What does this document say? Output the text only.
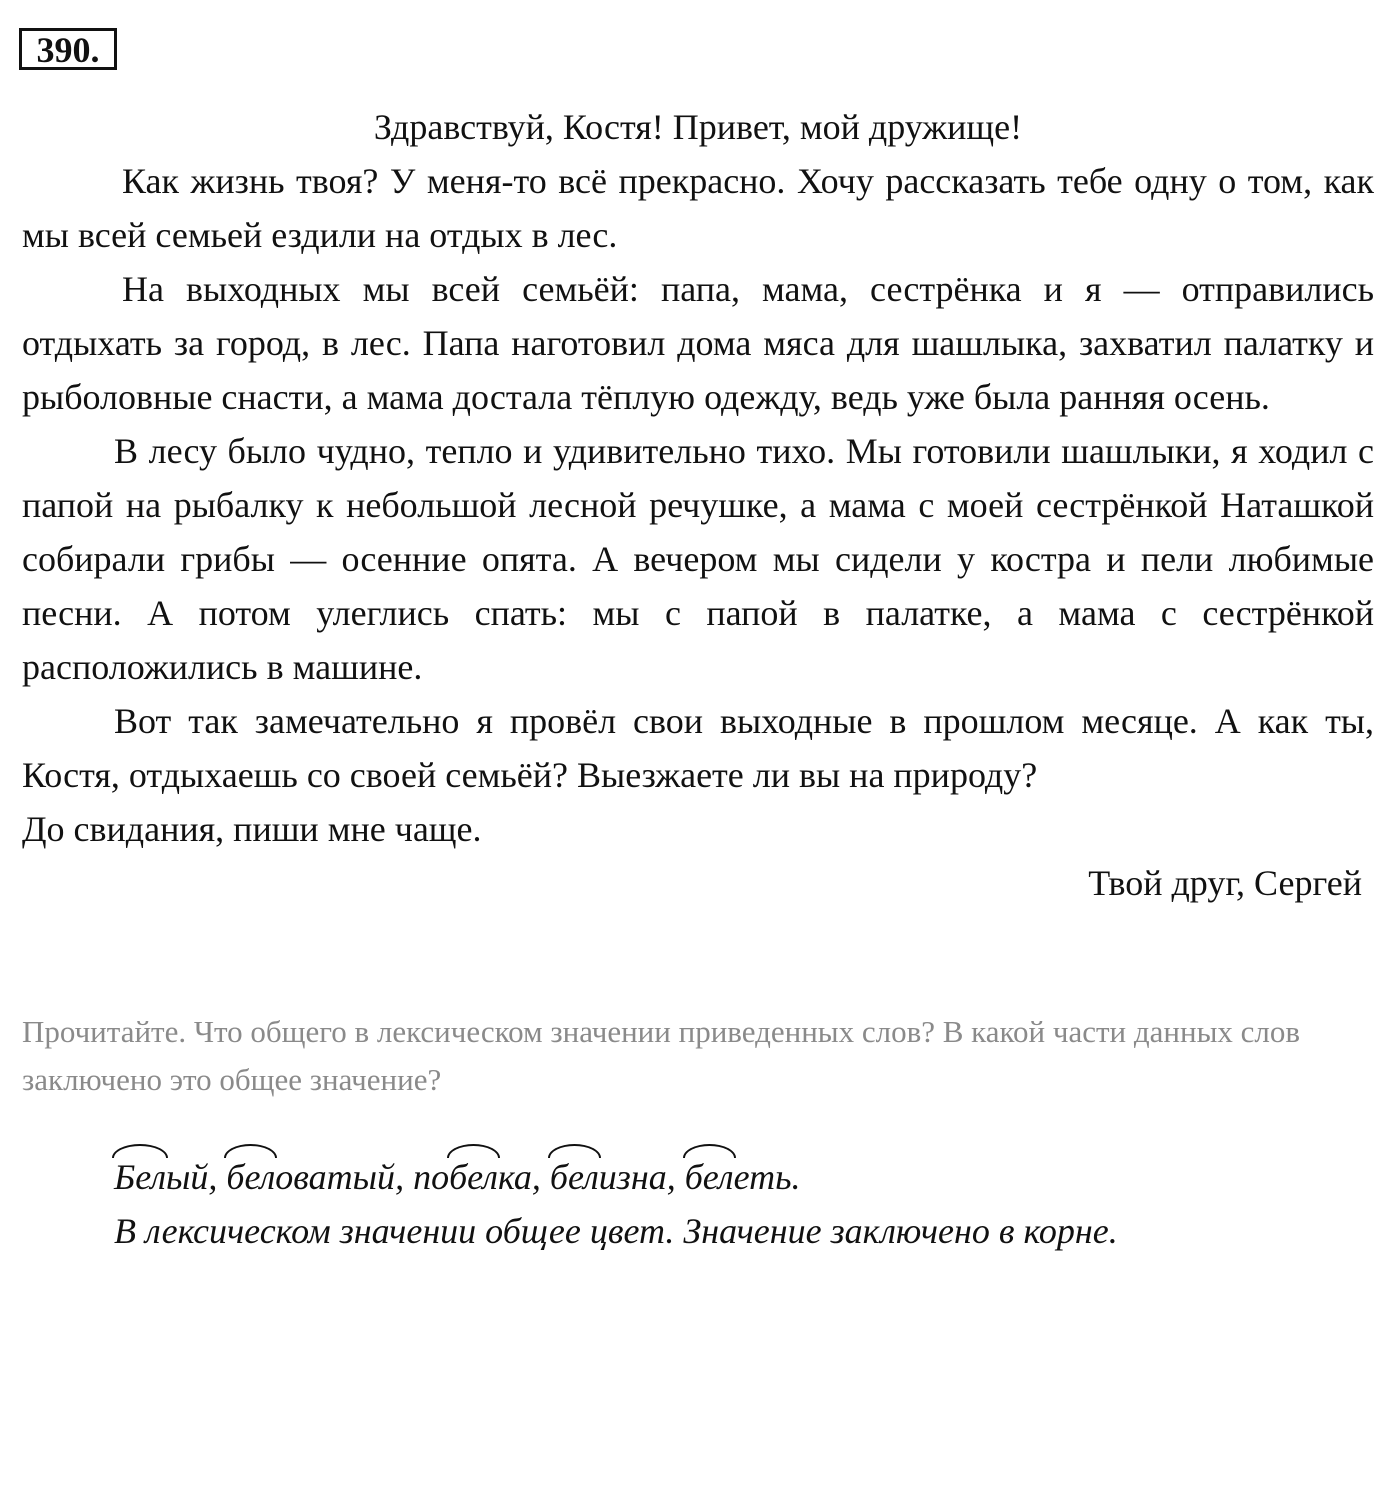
390.

Здравствуй, Костя! Привет, мой дружище!

Как жизнь твоя? У меня-то всё прекрасно. Хочу рассказать тебе одну о том, как мы всей семьей ездили на отдых в лес.

На выходных мы всей семьёй: папа, мама, сестрёнка и я — отправились отдыхать за город, в лес. Папа наготовил дома мяса для шашлыка, захватил палатку и рыболовные снасти, а мама достала тёплую одежду, ведь уже была ранняя осень.

В лесу было чудно, тепло и удивительно тихо. Мы готовили шашлыки, я ходил с папой на рыбалку к небольшой лесной речушке, а мама с моей сестрёнкой Наташкой собирали грибы — осенние опята. А вечером мы сидели у костра и пели любимые песни. А потом улеглись спать: мы с папой в палатке, а мама с сестрёнкой расположились в машине.

Вот так замечательно я провёл свои выходные в прошлом месяце. А как ты, Костя, отдыхаешь со своей семьёй? Выезжаете ли вы на природу?

До свидания, пиши мне чаще.

Твой друг, Сергей

Прочитайте. Что общего в лексическом значении приведенных слов? В какой части данных слов заключено это общее значение?

Белый,
беловатый, по
белка,
белизна,
белеть.

В лексическом значении общее цвет. Значение заключено в корне.
